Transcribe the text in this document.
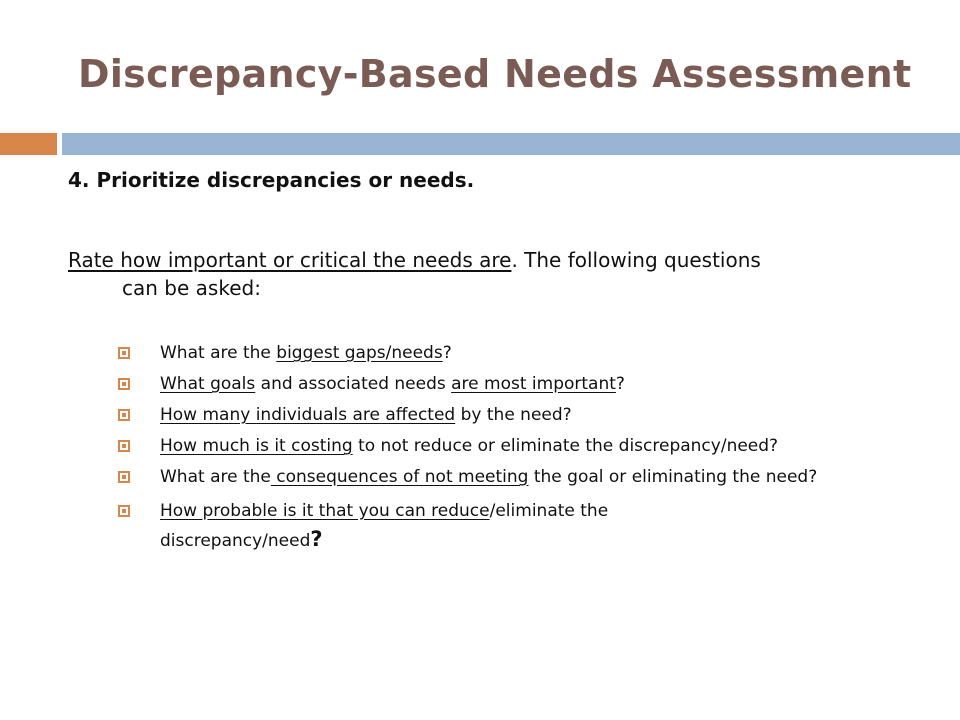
Discrepancy-Based Needs Assessment
4. Prioritize discrepancies or needs.
Rate how important or critical the needs are. The following questions
can be asked:
What are the biggest gaps/needs?
What goals and associated needs are most important?
How many individuals are affected by the need?
How much is it costing to not reduce or eliminate the discrepancy/need?
What are the consequences of not meeting the goal or eliminating the need?
How probable is it that you can reduce/eliminate the
discrepancy/need?
